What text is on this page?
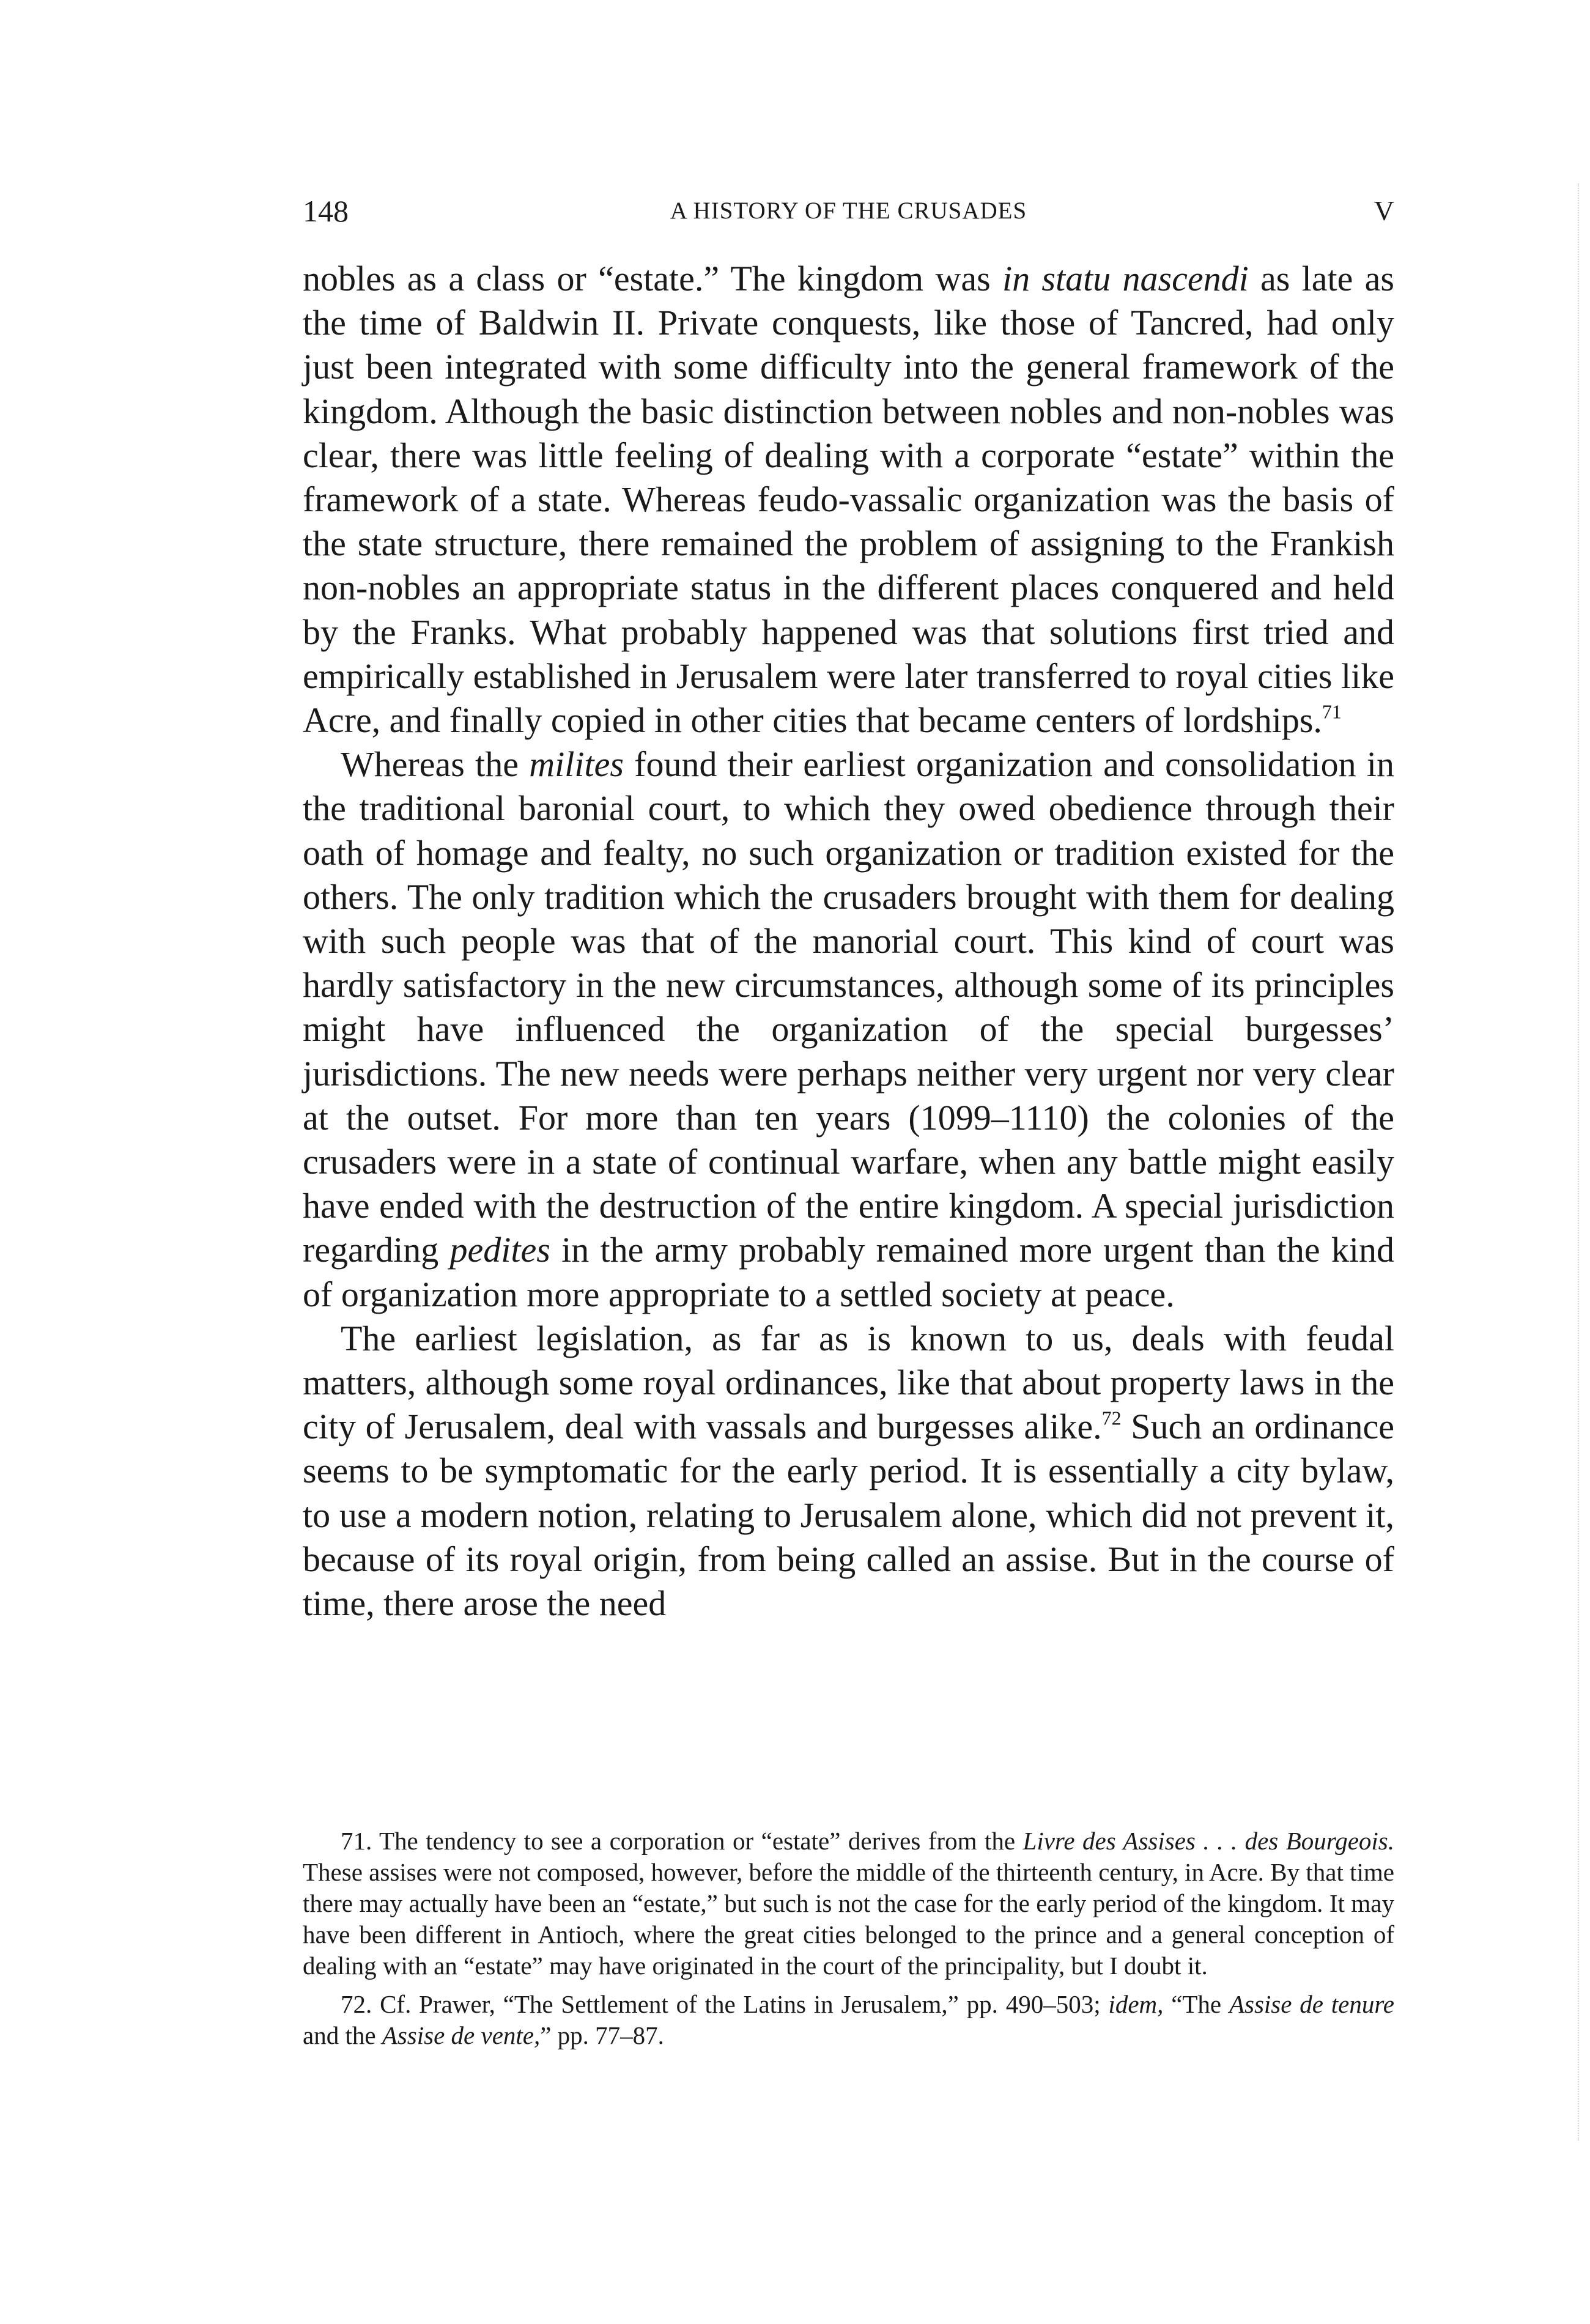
148	A HISTORY OF THE CRUSADES	V

nobles as a class or “estate.” The kingdom was in statu nascendi as late as the time of Baldwin II. Private conquests, like those of Tancred, had only just been integrated with some difficulty into the general framework of the kingdom. Although the basic distinction between nobles and non-nobles was clear, there was little feeling of dealing with a corporate “estate” within the framework of a state. Whereas feudo-vassalic organization was the basis of the state structure, there remained the problem of assigning to the Frankish non-nobles an appropriate status in the different places conquered and held by the Franks. What probably happened was that solutions first tried and empirically established in Jerusalem were later transferred to royal cities like Acre, and finally copied in other cities that became centers of lordships.$^{71}$

Whereas the milites found their earliest organization and consolidation in the traditional baronial court, to which they owed obedience through their oath of homage and fealty, no such organization or tradition existed for the others. The only tradition which the crusaders brought with them for dealing with such people was that of the manorial court. This kind of court was hardly satisfactory in the new circumstances, although some of its principles might have influenced the organization of the special burgesses’ jurisdictions. The new needs were perhaps neither very urgent nor very clear at the outset. For more than ten years (1099–1110) the colonies of the crusaders were in a state of continual warfare, when any battle might easily have ended with the destruction of the entire kingdom. A special jurisdiction regarding pedites in the army probably remained more urgent than the kind of organization more appropriate to a settled society at peace.

The earliest legislation, as far as is known to us, deals with feudal matters, although some royal ordinances, like that about property laws in the city of Jerusalem, deal with vassals and burgesses alike.$^{72}$ Such an ordinance seems to be symptomatic for the early period. It is essentially a city bylaw, to use a modern notion, relating to Jerusalem alone, which did not prevent it, because of its royal origin, from being called an assise. But in the course of time, there arose the need

71. The tendency to see a corporation or “estate” derives from the Livre des Assises . . . des Bourgeois. These assises were not composed, however, before the middle of the thirteenth century, in Acre. By that time there may actually have been an “estate,” but such is not the case for the early period of the kingdom. It may have been different in Antioch, where the great cities belonged to the prince and a general conception of dealing with an “estate” may have originated in the court of the principality, but I doubt it.

72. Cf. Prawer, “The Settlement of the Latins in Jerusalem,” pp. 490–503; idem, “The Assise de tenure and the Assise de vente,” pp. 77–87.
